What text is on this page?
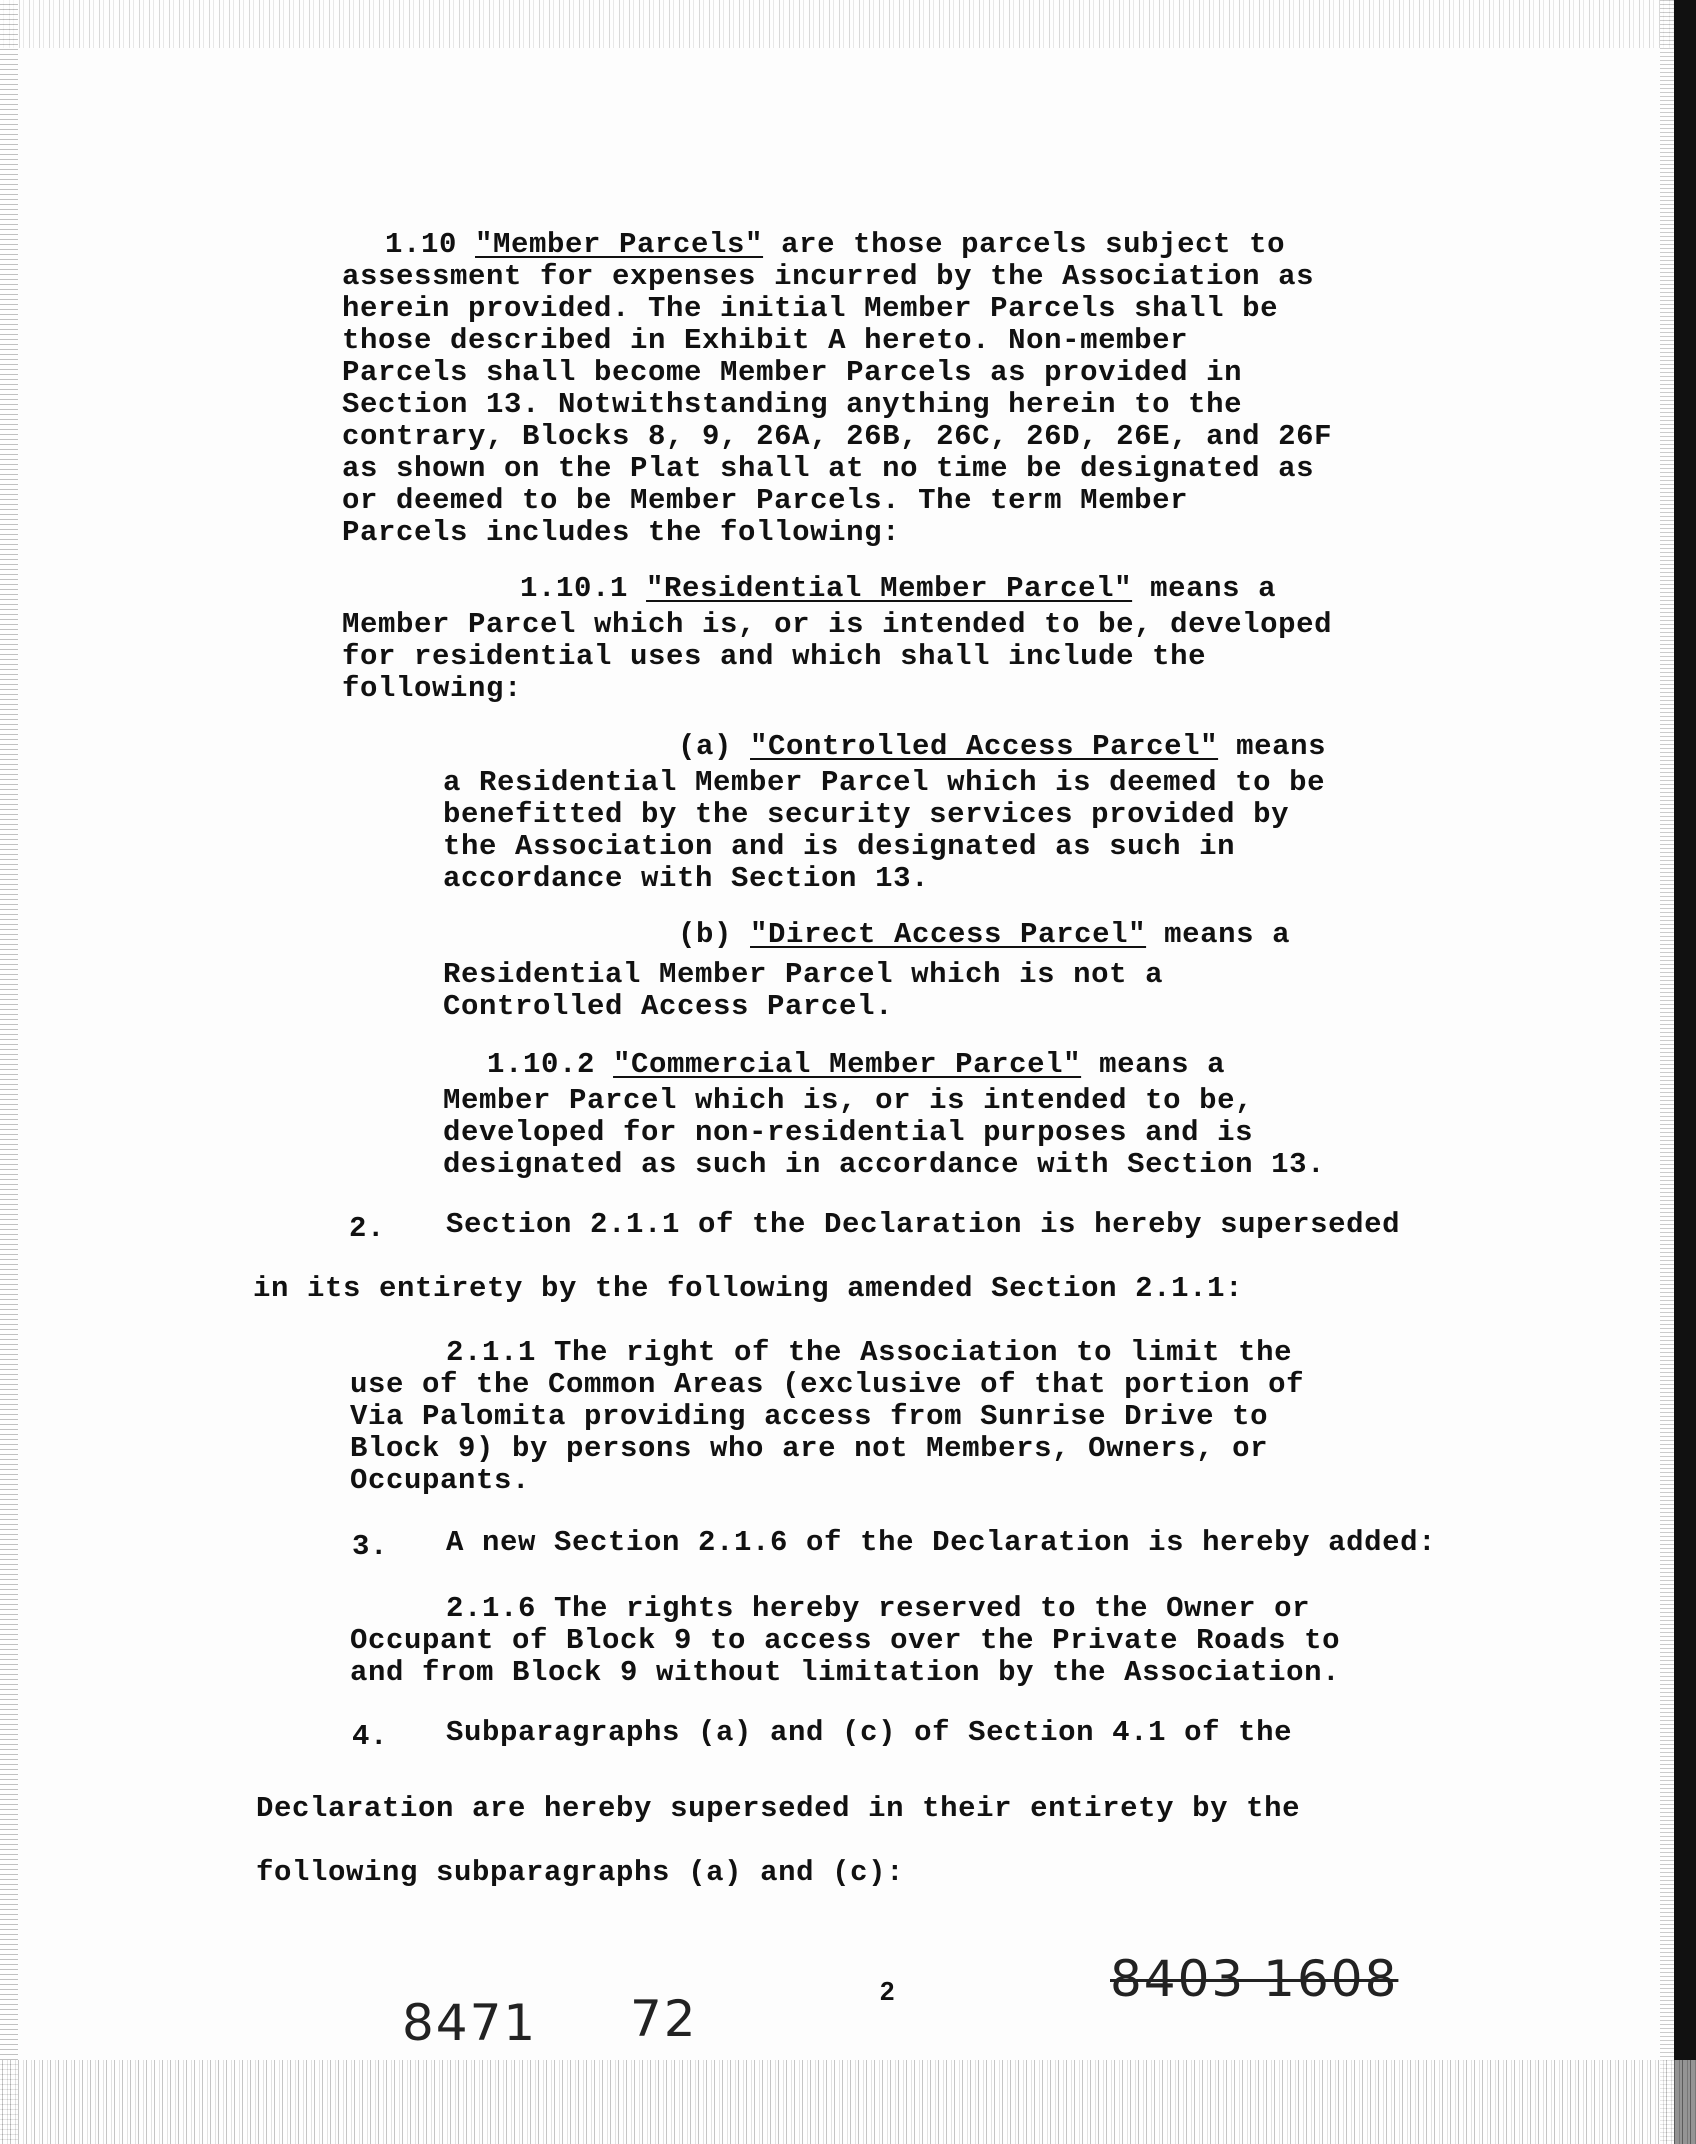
1.10 "Member Parcels" are those parcels subject to
assessment for expenses incurred by the Association as
herein provided. The initial Member Parcels shall be
those described in Exhibit A hereto. Non-member
Parcels shall become Member Parcels as provided in
Section 13. Notwithstanding anything herein to the
contrary, Blocks 8, 9, 26A, 26B, 26C, 26D, 26E, and 26F
as shown on the Plat shall at no time be designated as
or deemed to be Member Parcels. The term Member
Parcels includes the following:
1.10.1 "Residential Member Parcel" means a
Member Parcel which is, or is intended to be, developed
for residential uses and which shall include the
following:
(a) "Controlled Access Parcel" means
a Residential Member Parcel which is deemed to be
benefitted by the security services provided by
the Association and is designated as such in
accordance with Section 13.
(b) "Direct Access Parcel" means a
Residential Member Parcel which is not a
Controlled Access Parcel.
1.10.2 "Commercial Member Parcel" means a
Member Parcel which is, or is intended to be,
developed for non-residential purposes and is
designated as such in accordance with Section 13.
2. Section 2.1.1 of the Declaration is hereby superseded
in its entirety by the following amended Section 2.1.1:
2.1.1 The right of the Association to limit the
use of the Common Areas (exclusive of that portion of
Via Palomita providing access from Sunrise Drive to
Block 9) by persons who are not Members, Owners, or
Occupants.
3. A new Section 2.1.6 of the Declaration is hereby added:
2.1.6 The rights hereby reserved to the Owner or
Occupant of Block 9 to access over the Private Roads to
and from Block 9 without limitation by the Association.
4. Subparagraphs (a) and (c) of Section 4.1 of the
Declaration are hereby superseded in their entirety by the
following subparagraphs (a) and (c):
8471 72	2	8403 1608
